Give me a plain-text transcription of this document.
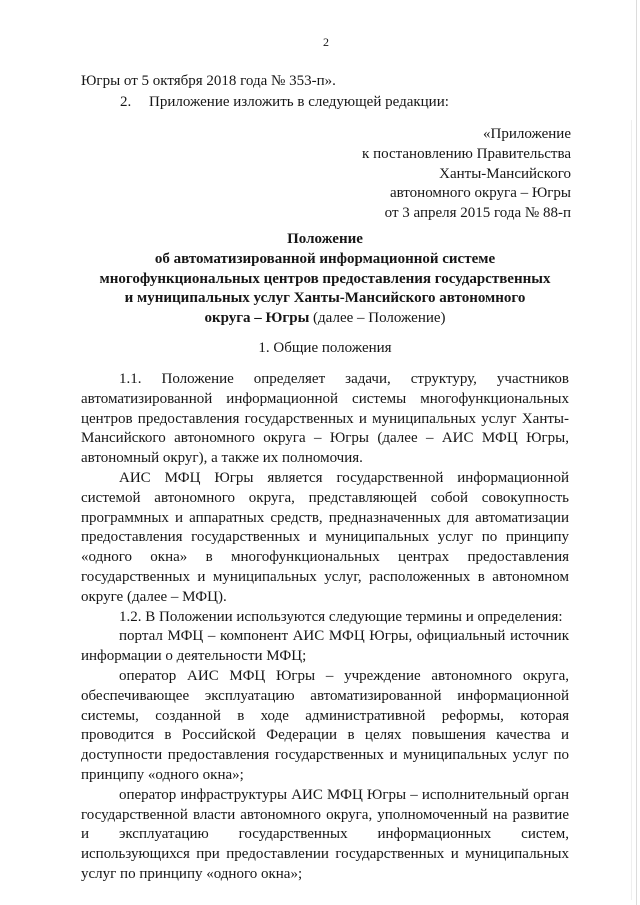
2
Югры от 5 октября 2018 года № 353-п».
2. Приложение изложить в следующей редакции:
«Приложение
к постановлению Правительства
Ханты-Мансийского
автономного округа – Югры
от 3 апреля 2015 года № 88-п
Положение
об автоматизированной информационной системе
многофункциональных центров предоставления государственных
и муниципальных услуг Ханты-Мансийского автономного
округа – Югры (далее – Положение)
1. Общие положения

1.1. Положение определяет задачи, структуру, участников автоматизированной информационной системы многофункциональных центров предоставления государственных и муниципальных услуг Ханты-Мансийского автономного округа – Югры (далее – АИС МФЦ Югры, автономный округ), а также их полномочия.

АИС МФЦ Югры является государственной информационной системой автономного округа, представляющей собой совокупность программных и аппаратных средств, предназначенных для автоматизации предоставления государственных и муниципальных услуг по принципу «одного окна» в многофункциональных центрах предоставления государственных и муниципальных услуг, расположенных в автономном округе (далее – МФЦ).

1.2. В Положении используются следующие термины и определения:

портал МФЦ – компонент АИС МФЦ Югры, официальный источник информации о деятельности МФЦ;

оператор АИС МФЦ Югры – учреждение автономного округа, обеспечивающее эксплуатацию автоматизированной информационной системы, созданной в ходе административной реформы, которая проводится в Российской Федерации в целях повышения качества и доступности предоставления государственных и муниципальных услуг по принципу «одного окна»;

оператор инфраструктуры АИС МФЦ Югры – исполнительный орган государственной власти автономного округа, уполномоченный на развитие и эксплуатацию государственных информационных систем, использующихся при предоставлении государственных и муниципальных услуг по принципу «одного окна»;
